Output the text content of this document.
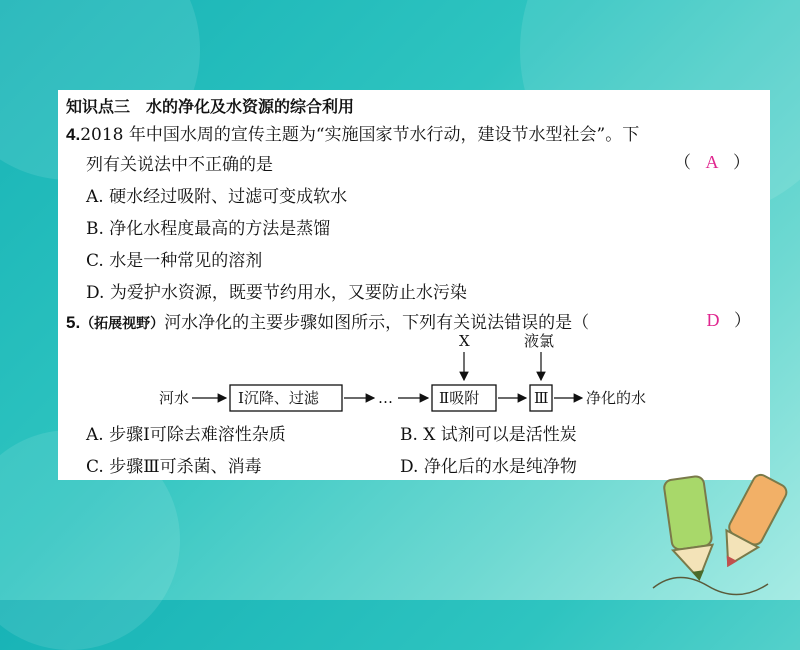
知识点三　水的净化及水资源的综合利用
4.2018 年中国水周的宣传主题为“实施国家节水行动，建设节水型社会”。下
列有关说法中不正确的是	（ A ）
A. 硬水经过吸附、过滤可变成软水
B. 净化水程度最高的方法是蒸馏
C. 水是一种常见的溶剂
D. 为爱护水资源，既要节约用水，又要防止水污染
5.（拓展视野）河水净化的主要步骤如图所示，下列有关说法错误的是（	D ）
河水	Ⅰ沉降、过滤	…	Ⅱ吸附	Ⅲ	净化的水
X	液氯
A. 步骤Ⅰ可除去难溶性杂质	B. X 试剂可以是活性炭
C. 步骤Ⅲ可杀菌、消毒	D. 净化后的水是纯净物
